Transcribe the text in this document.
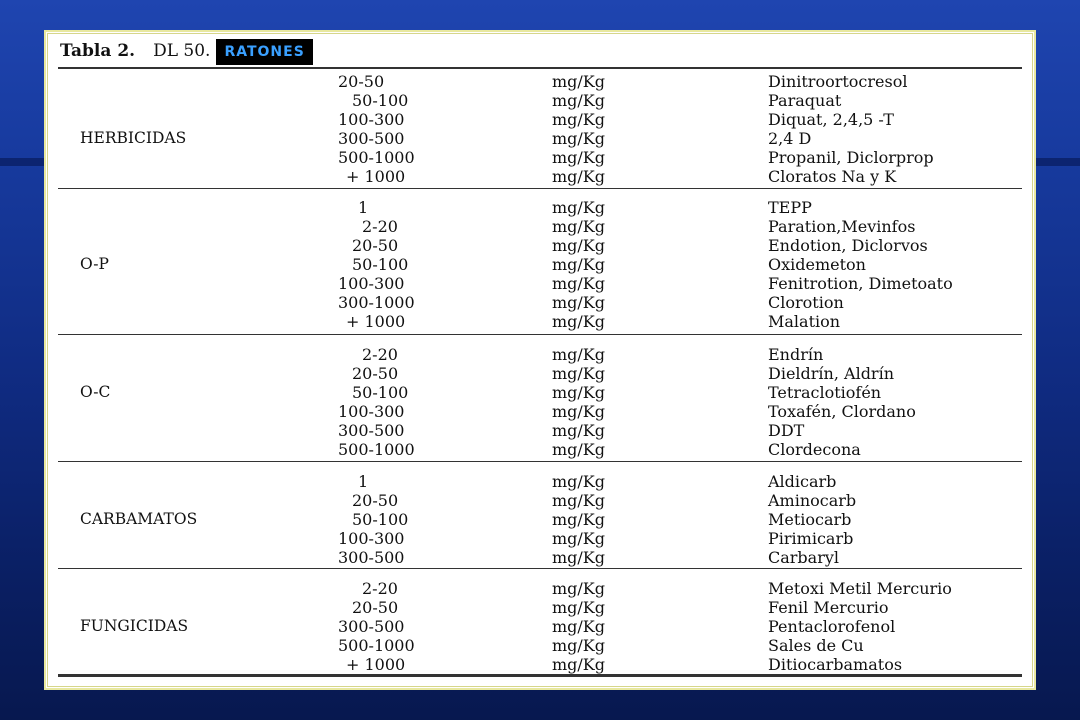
Tabla 2. DL 50.	RATONES
HERBICIDAS
20-50	mg/Kg	Dinitroortocresol
50-100	mg/Kg	Paraquat
100-300	mg/Kg	Diquat, 2,4,5 -T
300-500	mg/Kg	2,4 D
500-1000	mg/Kg	Propanil, Diclorprop
+ 1000	mg/Kg	Cloratos Na y K
O-P
1	mg/Kg	TEPP
2-20	mg/Kg	Paration,Mevinfos
20-50	mg/Kg	Endotion, Diclorvos
50-100	mg/Kg	Oxidemeton
100-300	mg/Kg	Fenitrotion, Dimetoato
300-1000	mg/Kg	Clorotion
+ 1000	mg/Kg	Malation
O-C
2-20	mg/Kg	Endrín
20-50	mg/Kg	Dieldrín, Aldrín
50-100	mg/Kg	Tetraclotiofén
100-300	mg/Kg	Toxafén, Clordano
300-500	mg/Kg	DDT
500-1000	mg/Kg	Clordecona
CARBAMATOS
1	mg/Kg	Aldicarb
20-50	mg/Kg	Aminocarb
50-100	mg/Kg	Metiocarb
100-300	mg/Kg	Pirimicarb
300-500	mg/Kg	Carbaryl
FUNGICIDAS
2-20	mg/Kg	Metoxi Metil Mercurio
20-50	mg/Kg	Fenil Mercurio
300-500	mg/Kg	Pentaclorofenol
500-1000	mg/Kg	Sales de Cu
+ 1000	mg/Kg	Ditiocarbamatos
